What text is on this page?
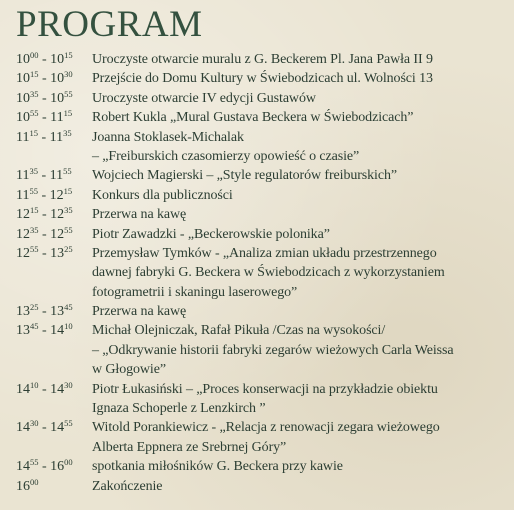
PROGRAM
$10^{00} - 10^{15}$ Uroczyste otwarcie muralu z G. Beckerem Pl. Jana Pawła II 9
$10^{15} - 10^{30}$ Przejście do Domu Kultury w Świebodzicach ul. Wolności 13
$10^{35} - 10^{55}$ Uroczyste otwarcie IV edycji Gustawów
$10^{55} - 11^{15}$ Robert Kukla „Mural Gustava Beckera w Świebodzicach”
$11^{15} - 11^{35}$ Joanna Stoklasek-Michalak
– „Freiburskich czasomierzy opowieść o czasie”
$11^{35} - 11^{55}$ Wojciech Magierski – „Style regulatorów freiburskich”
$11^{55} - 12^{15}$ Konkurs dla publiczności
$12^{15} - 12^{35}$ Przerwa na kawę
$12^{35} - 12^{55}$ Piotr Zawadzki - „Beckerowskie polonika”
$12^{55} - 13^{25}$ Przemysław Tymków - „Analiza zmian układu przestrzennego
dawnej fabryki G. Beckera w Świebodzicach z wykorzystaniem
fotogrametrii i skaningu laserowego”
$13^{25} - 13^{45}$ Przerwa na kawę
$13^{45} - 14^{10}$ Michał Olejniczak, Rafał Pikuła /Czas na wysokości/
– „Odkrywanie historii fabryki zegarów wieżowych Carla Weissa
w Głogowie”
$14^{10} - 14^{30}$ Piotr Łukasiński – „Proces konserwacji na przykładzie obiektu
Ignaza Schoperle z Lenzkirch ”
$14^{30} - 14^{55}$ Witold Porankiewicz - „Relacja z renowacji zegara wieżowego
Alberta Eppnera ze Srebrnej Góry”
$14^{55} - 16^{00}$ spotkania miłośników G. Beckera przy kawie
$16^{00}$	Zakończenie
